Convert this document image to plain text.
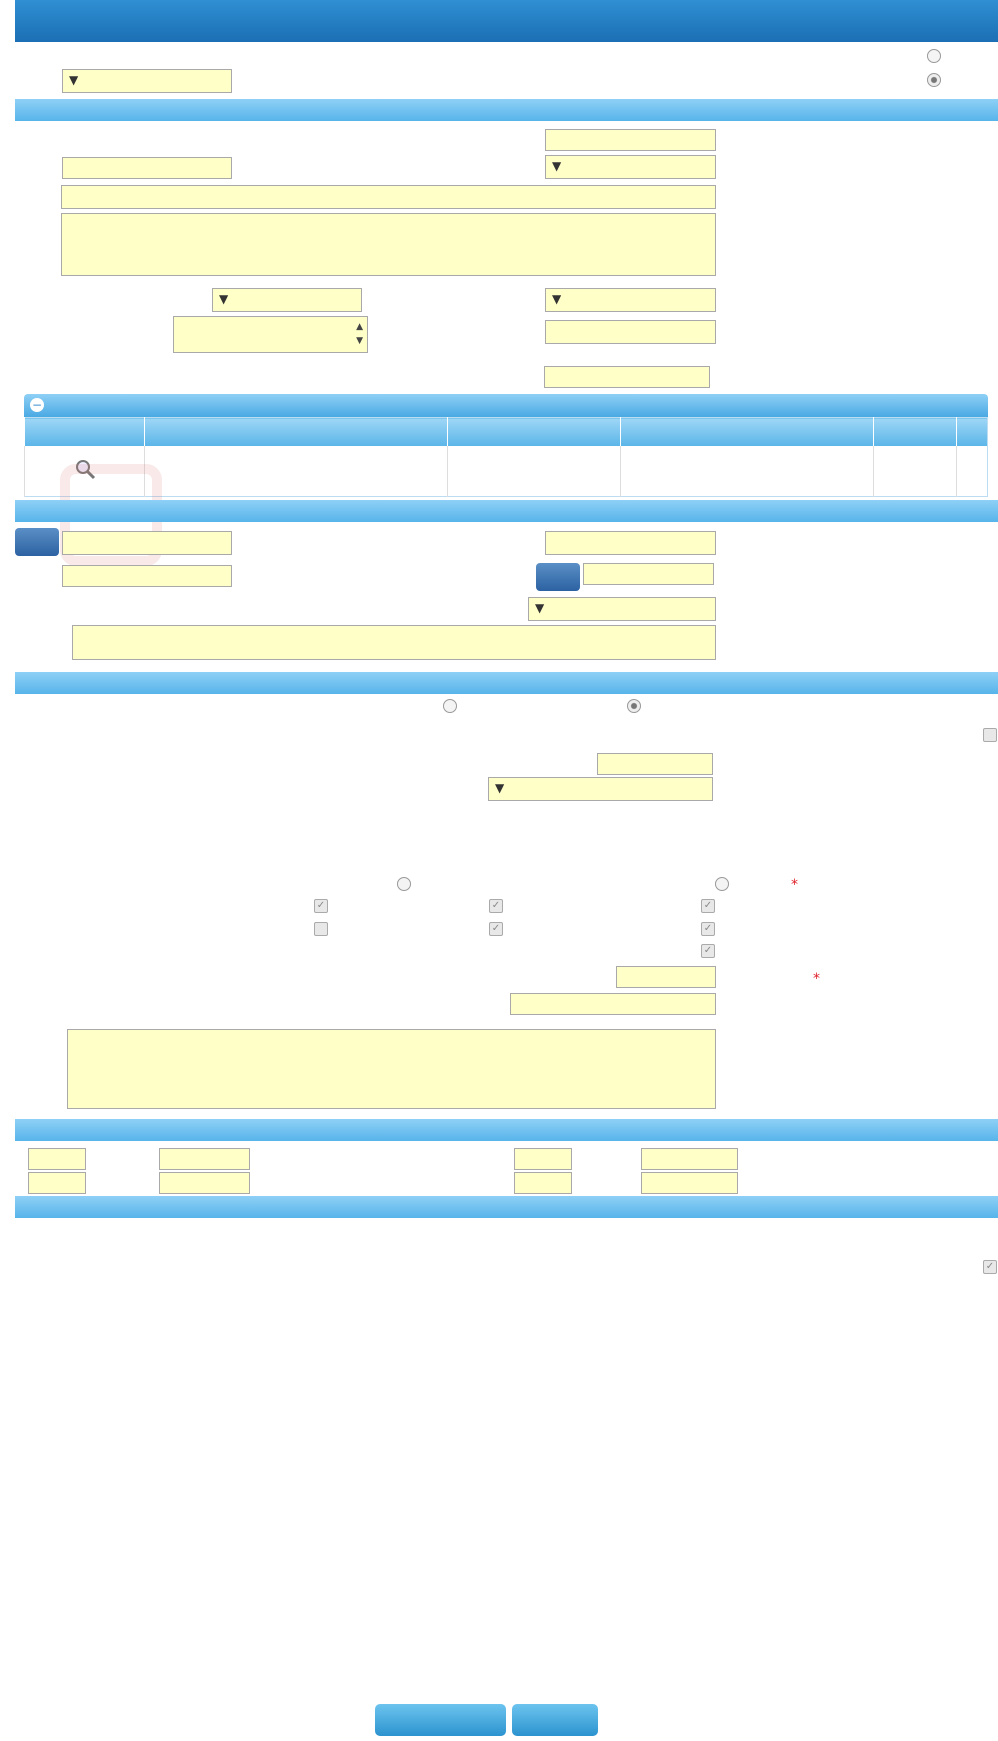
▼
▼
▼
▼
▲
▼
−

▼
▼
*
✓
✓
✓
✓
✓
✓
*
✓
